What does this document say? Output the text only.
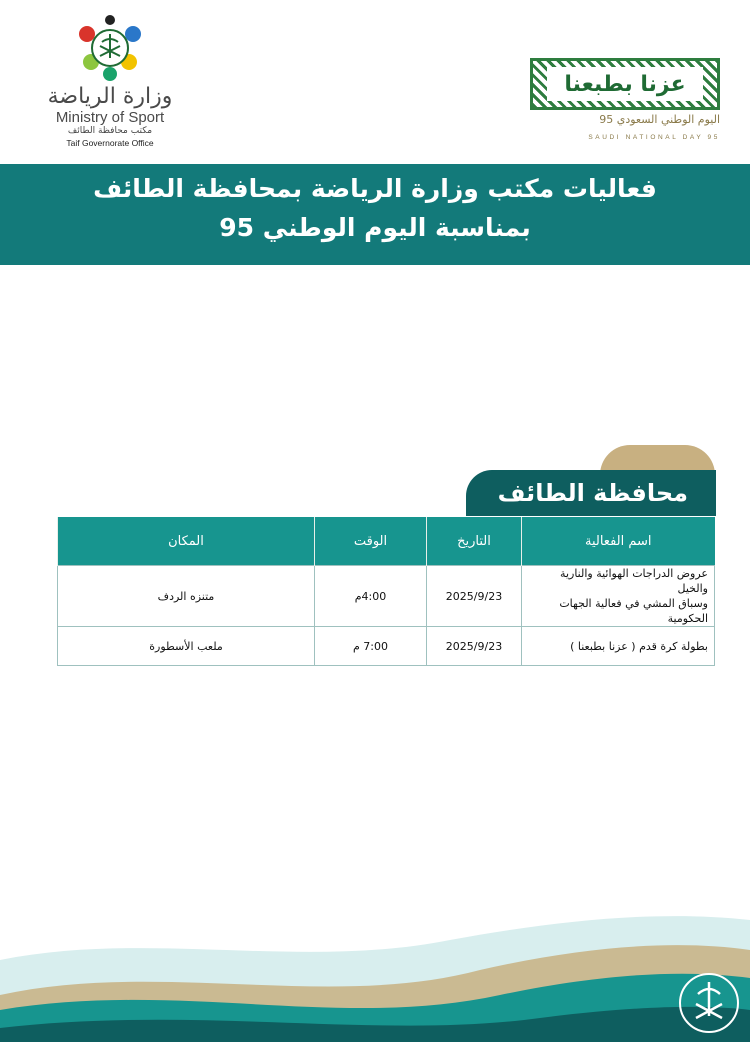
وزارة الرياضة
Ministry of Sport
مكتب محافظة الطائف
Taif Governorate Office
عزنا بطبعنا
اليوم الوطني السعودي 95
SAUDI NATIONAL DAY 95
فعاليات مكتب وزارة الرياضة بمحافظة الطائف
بمناسبة اليوم الوطني 95
محافظة الطائف
اسم الفعالية	التاريخ	الوقت	المكان

عروض الدراجات الهوائية والنارية والخيل
وسباق المشي في فعالية الجهات الحكومية	2025/9/23	4:00م	متنزه الردف

بطولة كرة قدم ( عزنا بطبعنا )	2025/9/23	7:00 م	ملعب الأسطورة
